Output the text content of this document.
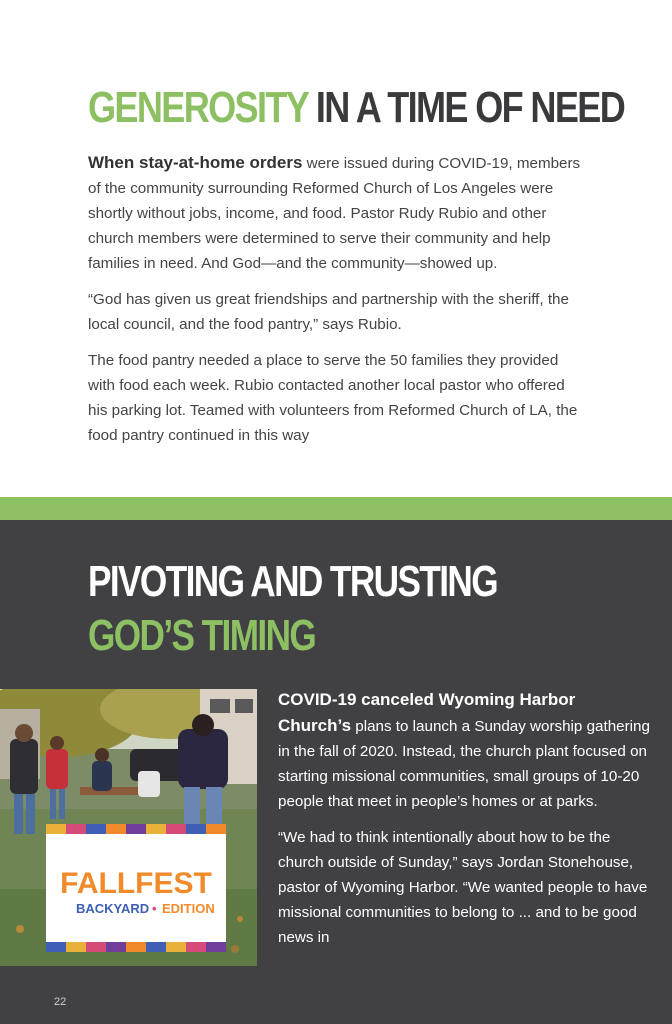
GENEROSITY IN A TIME OF NEED

When stay-at-home orders were issued during COVID-19, members of the community surrounding Reformed Church of Los Angeles were shortly without jobs, income, and food. Pastor Rudy Rubio and other church members were determined to serve their community and help families in need. And God—and the community—showed up.

“God has given us great friendships and partnership with the sheriff, the local council, and the food pantry,” says Rubio.

The food pantry needed a place to serve the 50 families they provided with food each week. Rubio contacted another local pastor who offered his parking lot. Teamed with volunteers from Reformed Church of LA, the food pantry continued in this way

PIVOTING AND TRUSTING
GOD’S TIMING
FALLFEST
BACKYARD • EDITION

COVID-19 canceled Wyoming Harbor Church’s plans to launch a Sunday worship gathering in the fall of 2020. Instead, the church plant focused on starting missional communities, small groups of 10-20 people that meet in people’s homes or at parks.

“We had to think intentionally about how to be the church outside of Sunday,” says Jordan Stonehouse, pastor of Wyoming Harbor. “We wanted people to have missional communities to belong to ... and to be good news in

22
